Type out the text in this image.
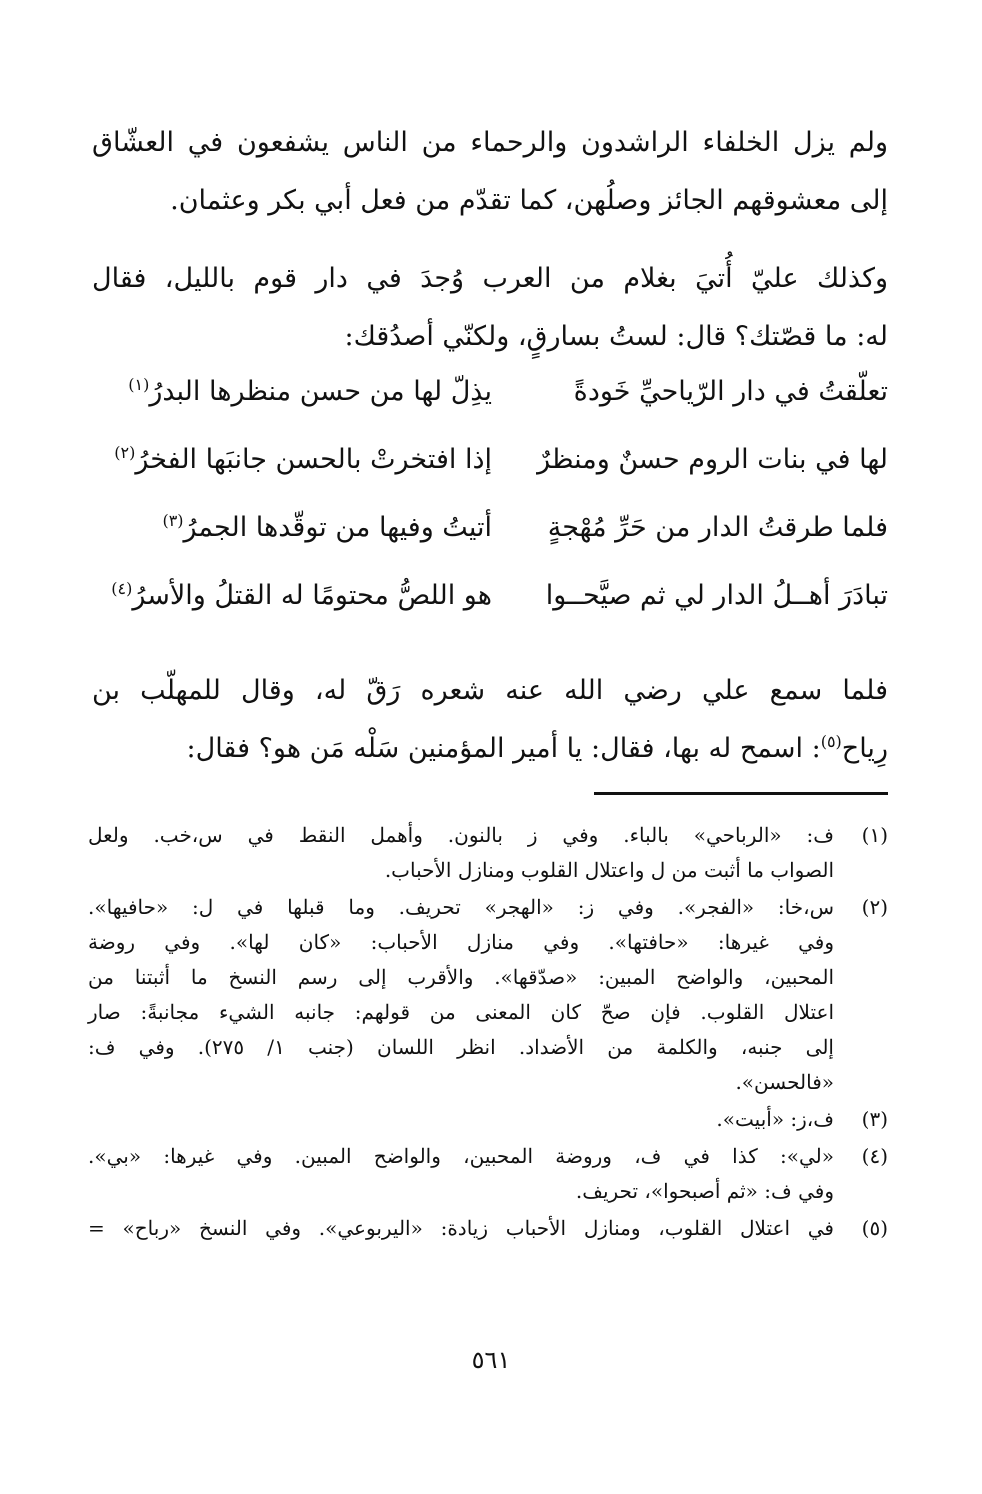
ولم يزل الخلفاء الراشدون والرحماء من الناس يشفعون في العشّاق
إلى معشوقهم الجائز وصلُهن، كما تقدّم من فعل أبي بكر وعثمان.
وكذلك عليّ أُتيَ بغلام من العرب وُجدَ في دار قوم بالليل، فقال
له: ما قصّتك؟ قال: لستُ بسارقٍ، ولكنّي أصدُقك:
تعلّقتُ في دار الرّياحيِّ خَودةً
يذِلّ لها من حسن منظرها البدرُ$^{(١)}$
لها في بنات الروم حسنٌ ومنظرٌ
إذا افتخرتْ بالحسن جانبَها الفخرُ$^{(٢)}$
فلما طرقتُ الدار من حَرِّ مُهْجةٍ
أتيتُ وفيها من توقّدها الجمرُ$^{(٣)}$
تبادَرَ أهــلُ الدار لي ثم صيَّحــوا
هو اللصُّ محتومًا له القتلُ والأسرُ$^{(٤)}$
فلما سمع علي رضي الله عنه شعره رَقّ له، وقال للمهلّب بن
رِياح$^{(٥)}$: اسمح له بها، فقال: يا أمير المؤمنين سَلْه مَن هو؟ فقال:
(١)
ف: «الرباحي» بالباء. وفي ز بالنون. وأهمل النقط في س،خب. ولعل
الصواب ما أثبت من ل واعتلال القلوب ومنازل الأحباب.
(٢)
س،خا: «الفجر». وفي ز: «الهجر» تحريف. وما قبلها في ل: «حافيها».
وفي غيرها: «حافتها». وفي منازل الأحباب: «كان لها». وفي روضة
المحبين، والواضح المبين: «صدّقها». والأقرب إلى رسم النسخ ما أثبتنا من
اعتلال القلوب. فإن صحّ كان المعنى من قولهم: جانبه الشيء مجانبةً: صار
إلى جنبه، والكلمة من الأضداد. انظر اللسان (جنب ١/ ٢٧٥). وفي ف:
«فالحسن».
(٣)
ف،ز: «أبيت».
(٤)
«لي»: كذا في ف، وروضة المحبين، والواضح المبين. وفي غيرها: «بي».
وفي ف: «ثم أصبحوا»، تحريف.
(٥)
في اعتلال القلوب، ومنازل الأحباب زيادة: «اليربوعي». وفي النسخ «رباح» =
٥٦١
